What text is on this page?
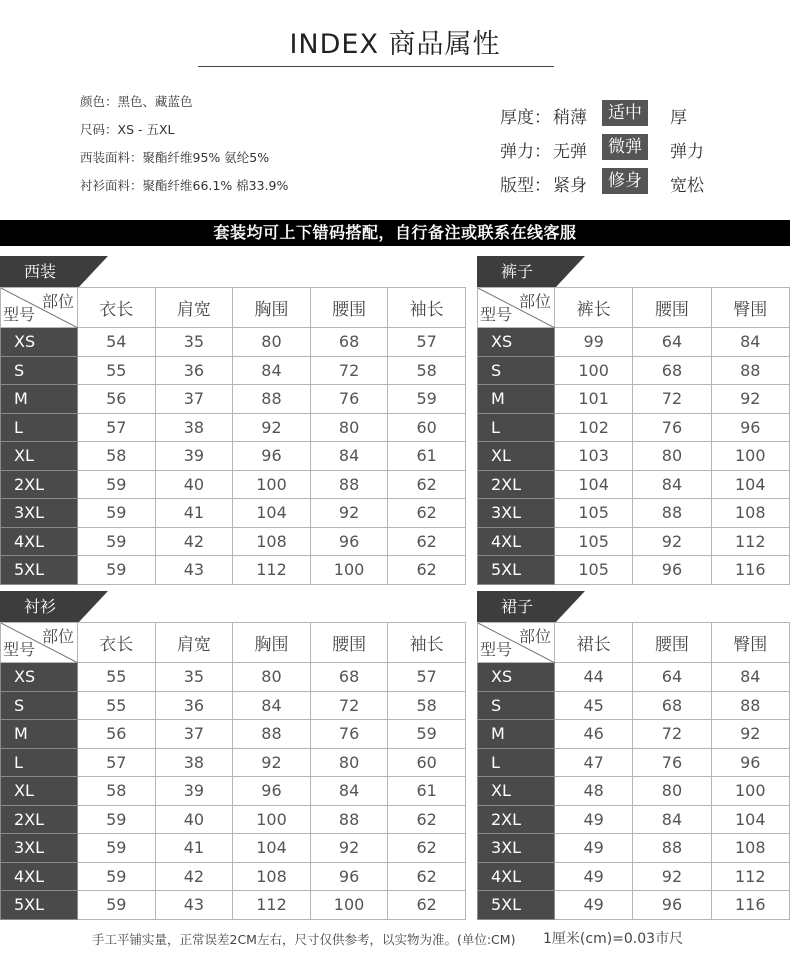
INDEX 商品属性
颜色：黑色、藏蓝色
尺码：XS - 五XL
西装面料：聚酯纤维95% 氨纶5%
衬衫面料：聚酯纤维66.1% 棉33.9%
厚度： 稍薄	适中	厚
弹力： 无弹	微弹	弹力
版型： 紧身	修身	宽松
套装均可上下错码搭配，自行备注或联系在线客服
西装
部位
型号	衣长	肩宽	胸围	腰围	袖长
XS	54	35	80	68	57
S	55	36	84	72	58
M	56	37	88	76	59
L	57	38	92	80	60
XL	58	39	96	84	61
2XL	59	40	100	88	62
3XL	59	41	104	92	62
4XL	59	42	108	96	62
5XL	59	43	112	100	62
裤子
部位
型号	裤长	腰围	臀围
XS	99	64	84
S	100	68	88
M	101	72	92
L	102	76	96
XL	103	80	100
2XL	104	84	104
3XL	105	88	108
4XL	105	92	112
5XL	105	96	116
衬衫
部位
型号	衣长	肩宽	胸围	腰围	袖长
XS	55	35	80	68	57
S	55	36	84	72	58
M	56	37	88	76	59
L	57	38	92	80	60
XL	58	39	96	84	61
2XL	59	40	100	88	62
3XL	59	41	104	92	62
4XL	59	42	108	96	62
5XL	59	43	112	100	62
裙子
部位
型号	裙长	腰围	臀围
XS	44	64	84
S	45	68	88
M	46	72	92
L	47	76	96
XL	48	80	100
2XL	49	84	104
3XL	49	88	108
4XL	49	92	112
5XL	49	96	116
手工平铺实量，正常误差2CM左右，尺寸仅供参考，以实物为准。(单位:CM) 1厘米(cm)=0.03市尺
